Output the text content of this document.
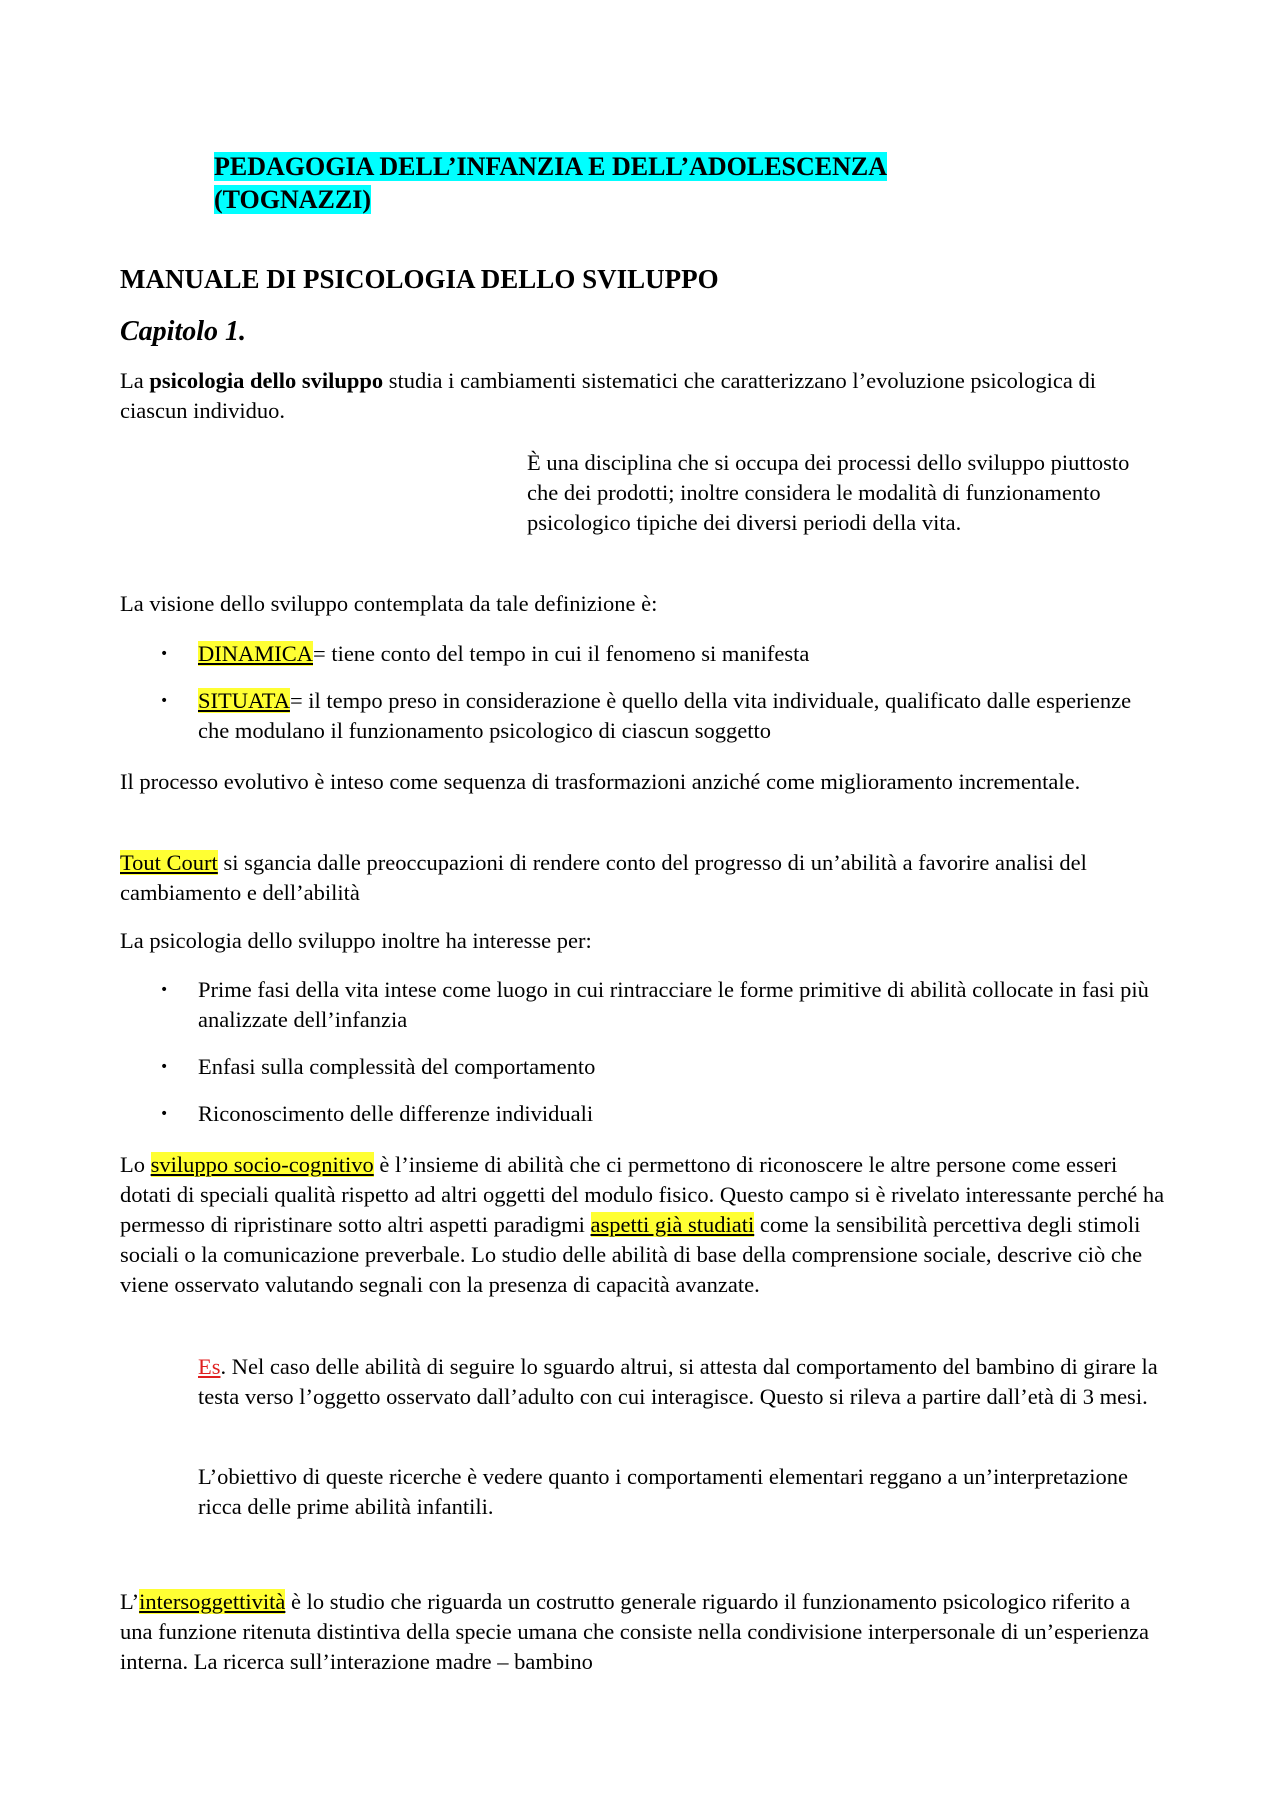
PEDAGOGIA DELL’INFANZIA E DELL’ADOLESCENZA
(TOGNAZZI)
MANUALE DI PSICOLOGIA DELLO SVILUPPO
Capitolo 1.
La psicologia dello sviluppo studia i cambiamenti sistematici che caratterizzano l’evoluzione psicologica di ciascun individuo.
È una disciplina che si occupa dei processi dello sviluppo piuttosto che dei prodotti; inoltre considera le modalità di funzionamento psicologico tipiche dei diversi periodi della vita.
La visione dello sviluppo contemplata da tale definizione è:
• DINAMICA= tiene conto del tempo in cui il fenomeno si manifesta
• SITUATA= il tempo preso in considerazione è quello della vita individuale, qualificato dalle esperienze che modulano il funzionamento psicologico di ciascun soggetto
Il processo evolutivo è inteso come sequenza di trasformazioni anziché come miglioramento incrementale.
Tout Court si sgancia dalle preoccupazioni di rendere conto del progresso di un’abilità a favorire analisi del cambiamento e dell’abilità
La psicologia dello sviluppo inoltre ha interesse per:
• Prime fasi della vita intese come luogo in cui rintracciare le forme primitive di abilità collocate in fasi più analizzate dell’infanzia
• Enfasi sulla complessità del comportamento
• Riconoscimento delle differenze individuali
Lo sviluppo socio-cognitivo è l’insieme di abilità che ci permettono di riconoscere le altre persone come esseri dotati di speciali qualità rispetto ad altri oggetti del modulo fisico. Questo campo si è rivelato interessante perché ha permesso di ripristinare sotto altri aspetti paradigmi aspetti già studiati come la sensibilità percettiva degli stimoli sociali o la comunicazione preverbale. Lo studio delle abilità di base della comprensione sociale, descrive ciò che viene osservato valutando segnali con la presenza di capacità avanzate.
Es. Nel caso delle abilità di seguire lo sguardo altrui, si attesta dal comportamento del bambino di girare la testa verso l’oggetto osservato dall’adulto con cui interagisce. Questo si rileva a partire dall’età di 3 mesi.
L’obiettivo di queste ricerche è vedere quanto i comportamenti elementari reggano a un’interpretazione ricca delle prime abilità infantili.
L’intersoggettività è lo studio che riguarda un costrutto generale riguardo il funzionamento psicologico riferito a una funzione ritenuta distintiva della specie umana che consiste nella condivisione interpersonale di un’esperienza interna. La ricerca sull’interazione madre – bambino
